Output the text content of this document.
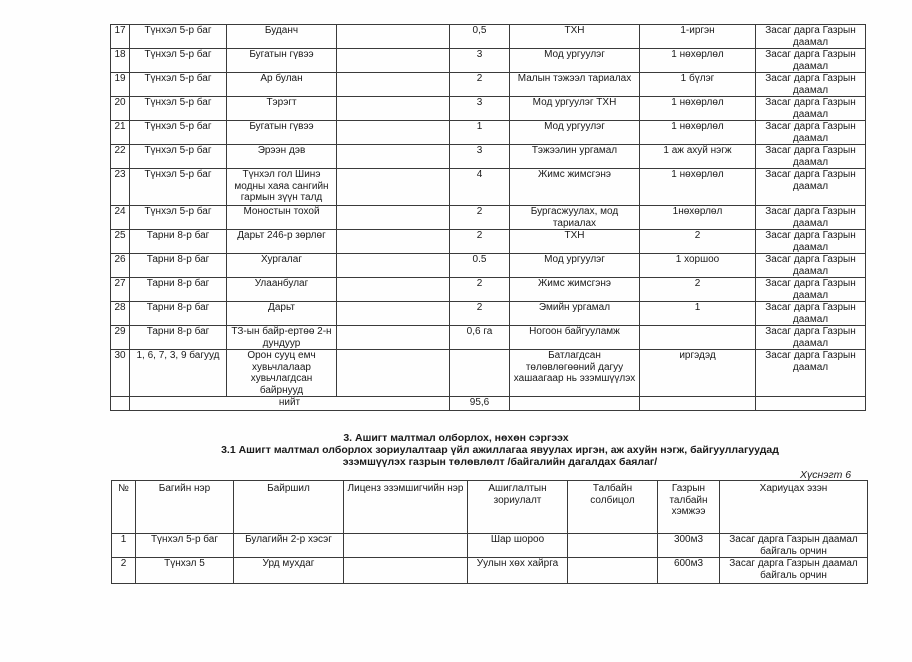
17	Түнхэл 5-р баг	Буданч		0,5	ТХН	1-иргэн	Засаг дарга Газрын даамал
18	Түнхэл 5-р баг	Бугатын гүвээ		3	Мод ургуулэг	1 нөхөрлөл	Засаг дарга Газрын даамал
19	Түнхэл 5-р баг	Ар булан		2	Малын тэжээл тариалах	1 бүлэг	Засаг дарга Газрын даамал
20	Түнхэл 5-р баг	Тэрэгт		3	Мод ургуулэг ТХН	1 нөхөрлөл	Засаг дарга Газрын даамал
21	Түнхэл 5-р баг	Бугатын гүвээ		1	Мод ургуулэг	1 нөхөрлөл	Засаг дарга Газрын даамал
22	Түнхэл 5-р баг	Эрээн дэв		3	Тэжээлин ургамал	1 аж ахуй нэгж	Засаг дарга Газрын даамал
23	Түнхэл 5-р баг	Түнхэл гол Шинэ модны хаяа сангийн гармын зүүн талд		4	Жимс жимсгэнэ	1 нөхөрлөл	Засаг дарга Газрын даамал
24	Түнхэл 5-р баг	Моностын тохой		2	Бургасжуулах, мод тариалах	1нөхөрлөл	Засаг дарга Газрын даамал
25	Тарни 8-р баг	Дарьт 246-р зөрлөг		2	ТХН	2	Засаг дарга Газрын даамал
26	Тарни 8-р баг	Хургалаг		0.5	Мод ургуулэг	1 хоршоо	Засаг дарга Газрын даамал
27	Тарни 8-р баг	Улаанбулаг		2	Жимс жимсгэнэ	2	Засаг дарга Газрын даамал
28	Тарни 8-р баг	Дарьт		2	Эмийн ургамал	1	Засаг дарга Газрын даамал
29	Тарни 8-р баг	ТЗ-ын байр-ертөө 2-н дундуур		0,6 га	Ногоон байгууламж		Засаг дарга Газрын даамал
30	1, 6, 7, 3, 9 багууд	Орон сууц емч хувьчлалаар хувьчлагдсан байрнууд			Батлагдсан төлөвлөгөөний дагуу хашаагаар нь эзэмшүүлэх	иргэдэд	Засаг дарга Газрын даамал
	нийт			95,6			
3. Ашигт малтмал олборлох, нөхөн сэргээх
3.1 Ашигт малтмал олборлох зориулалтаар үйл ажиллагаа явуулах иргэн, аж ахуйн нэгж, байгууллагуудад эзэмшүүлэх газрын төлөвлөлт /байгалийн дагалдах баялаг/
Хүснэгт 6
№	Багийн нэр	Байршил	Лиценз эзэмшигчийн нэр	Ашиглалтын зориулалт	Талбайн солбицол	Газрын талбайн хэмжээ	Хариуцах эзэн
1	Түнхэл 5-р баг	Булагийн 2-р хэсэг		Шар шороо		300м3	Засаг дарга Газрын даамал байгаль орчин
2	Түнхэл 5	Урд мухдаг		Уулын хөх хайрга		600м3	Засаг дарга Газрын даамал байгаль орчин
